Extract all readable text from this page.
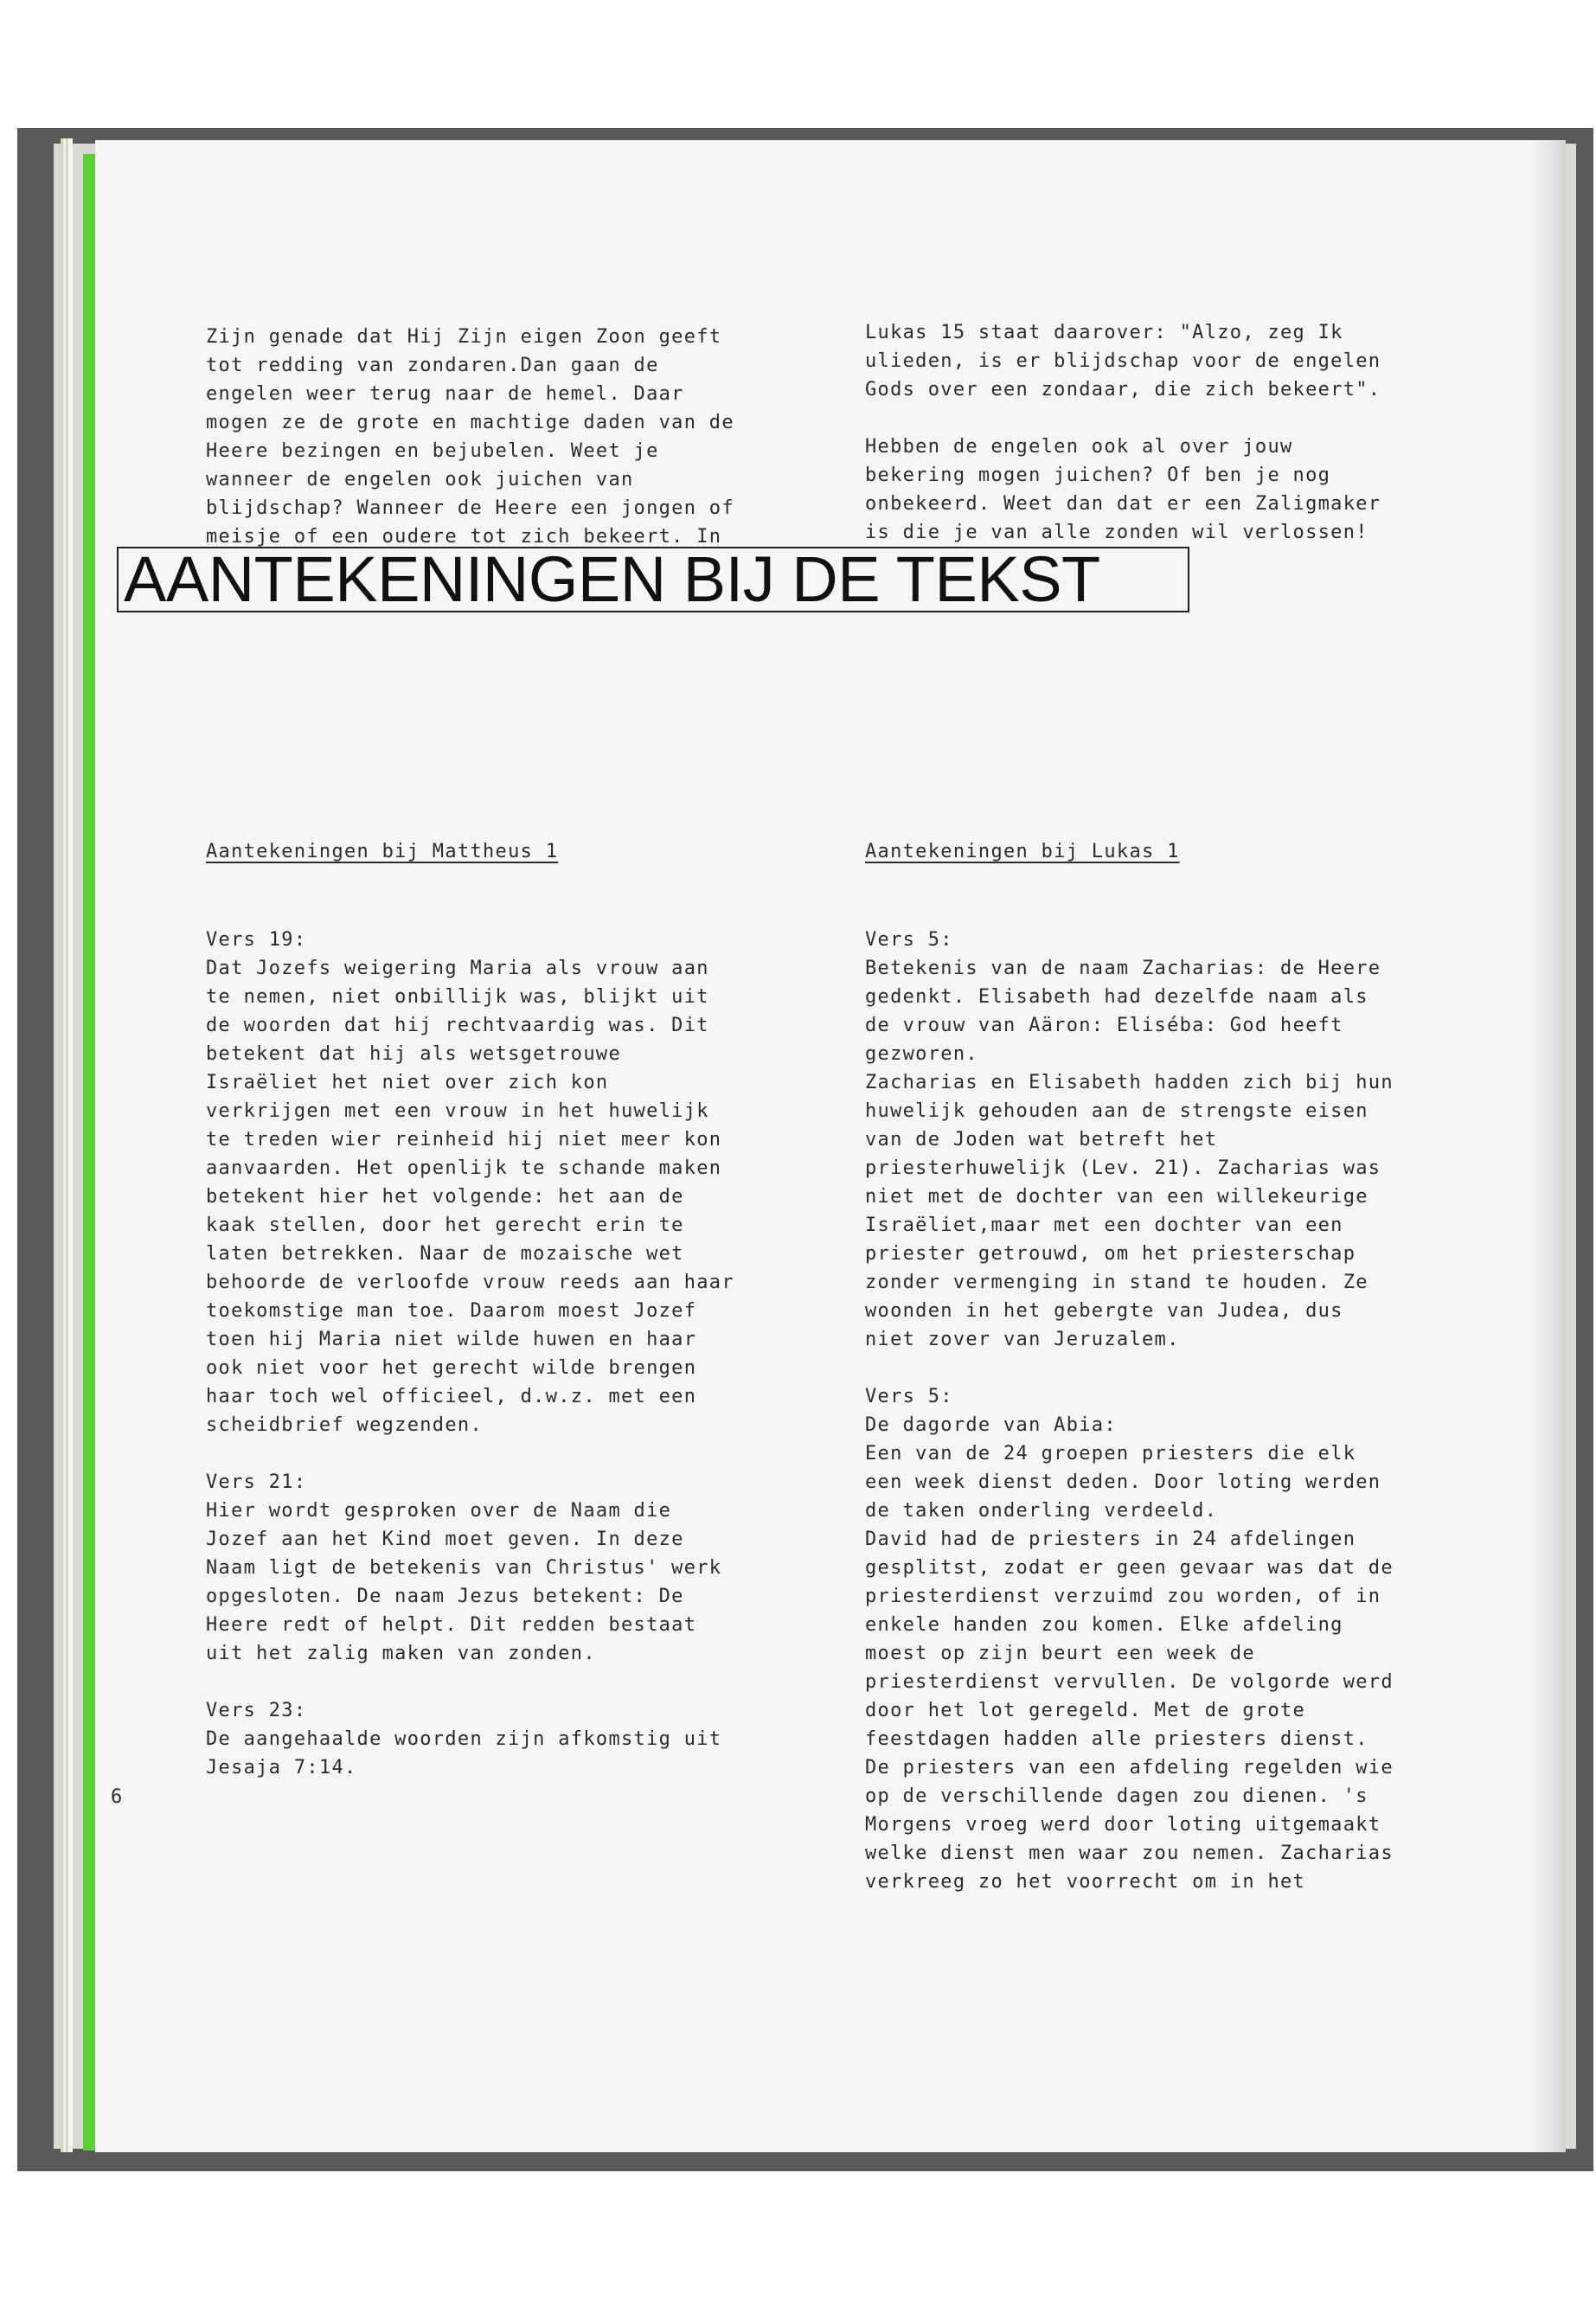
Zijn genade dat Hij Zijn eigen Zoon geeft
tot redding van zondaren.Dan gaan de
engelen weer terug naar de hemel. Daar
mogen ze de grote en machtige daden van de
Heere bezingen en bejubelen. Weet je
wanneer de engelen ook juichen van
blijdschap? Wanneer de Heere een jongen of
meisje of een oudere tot zich bekeert. In
Lukas 15 staat daarover: "Alzo, zeg Ik
ulieden, is er blijdschap voor de engelen
Gods over een zondaar, die zich bekeert".
Hebben de engelen ook al over jouw
bekering mogen juichen? Of ben je nog
onbekeerd. Weet dan dat er een Zaligmaker
is die je van alle zonden wil verlossen!
AANTEKENINGEN BIJ DE TEKST
Aantekeningen bij Mattheus 1	Aantekeningen bij Lukas 1
Vers 19:
Dat Jozefs weigering Maria als vrouw aan
te nemen, niet onbillijk was, blijkt uit
de woorden dat hij rechtvaardig was. Dit
betekent dat hij als wetsgetrouwe
Israëliet het niet over zich kon
verkrijgen met een vrouw in het huwelijk
te treden wier reinheid hij niet meer kon
aanvaarden. Het openlijk te schande maken
betekent hier het volgende: het aan de
kaak stellen, door het gerecht erin te
laten betrekken. Naar de mozaische wet
behoorde de verloofde vrouw reeds aan haar
toekomstige man toe. Daarom moest Jozef
toen hij Maria niet wilde huwen en haar
ook niet voor het gerecht wilde brengen
haar toch wel officieel, d.w.z. met een
scheidbrief wegzenden.
Vers 21:
Hier wordt gesproken over de Naam die
Jozef aan het Kind moet geven. In deze
Naam ligt de betekenis van Christus' werk
opgesloten. De naam Jezus betekent: De
Heere redt of helpt. Dit redden bestaat
uit het zalig maken van zonden.
Vers 23:
De aangehaalde woorden zijn afkomstig uit
Jesaja 7:14.
Vers 5:
Betekenis van de naam Zacharias: de Heere
gedenkt. Elisabeth had dezelfde naam als
de vrouw van Aäron: Eliséba: God heeft
gezworen.
Zacharias en Elisabeth hadden zich bij hun
huwelijk gehouden aan de strengste eisen
van de Joden wat betreft het
priesterhuwelijk (Lev. 21). Zacharias was
niet met de dochter van een willekeurige
Israëliet,maar met een dochter van een
priester getrouwd, om het priesterschap
zonder vermenging in stand te houden. Ze
woonden in het gebergte van Judea, dus
niet zover van Jeruzalem.
Vers 5:
De dagorde van Abia:
Een van de 24 groepen priesters die elk
een week dienst deden. Door loting werden
de taken onderling verdeeld.
David had de priesters in 24 afdelingen
gesplitst, zodat er geen gevaar was dat de
priesterdienst verzuimd zou worden, of in
enkele handen zou komen. Elke afdeling
moest op zijn beurt een week de
priesterdienst vervullen. De volgorde werd
door het lot geregeld. Met de grote
feestdagen hadden alle priesters dienst.
De priesters van een afdeling regelden wie
op de verschillende dagen zou dienen. 's
Morgens vroeg werd door loting uitgemaakt
welke dienst men waar zou nemen. Zacharias
verkreeg zo het voorrecht om in het
6
